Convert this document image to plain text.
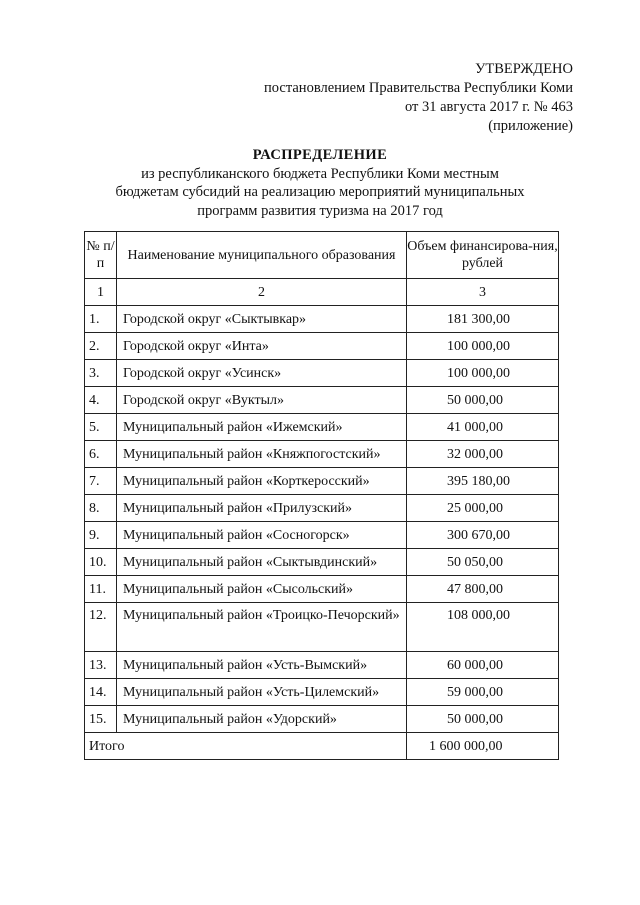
УТВЕРЖДЕНО
постановлением Правительства Республики Коми
от 31 августа 2017 г. № 463
(приложение)
РАСПРЕДЕЛЕНИЕ
из республиканского бюджета Республики Коми местным
бюджетам субсидий на реализацию мероприятий муниципальных
программ развития туризма на 2017 год
№ п/п	Наименование муниципального образования	Объем финансирова-ния, рублей
1	2	3
1.	Городской округ «Сыктывкар»	181 300,00
2.	Городской округ «Инта»	100 000,00
3.	Городской округ «Усинск»	100 000,00
4.	Городской округ «Вуктыл»	50 000,00
5.	Муниципальный район «Ижемский»	41 000,00
6.	Муниципальный район «Княжпогостский»	32 000,00
7.	Муниципальный район «Корткеросский»	395 180,00
8.	Муниципальный район «Прилузский»	25 000,00
9.	Муниципальный район «Сосногорск»	300 670,00
10.	Муниципальный район «Сыктывдинский»	50 050,00
11.	Муниципальный район «Сысольский»	47 800,00
12.	Муниципальный район «Троицко-Печорский»	108 000,00
13.	Муниципальный район «Усть-Вымский»	60 000,00
14.	Муниципальный район «Усть-Цилемский»	59 000,00
15.	Муниципальный район «Удорский»	50 000,00
Итого		1 600 000,00
